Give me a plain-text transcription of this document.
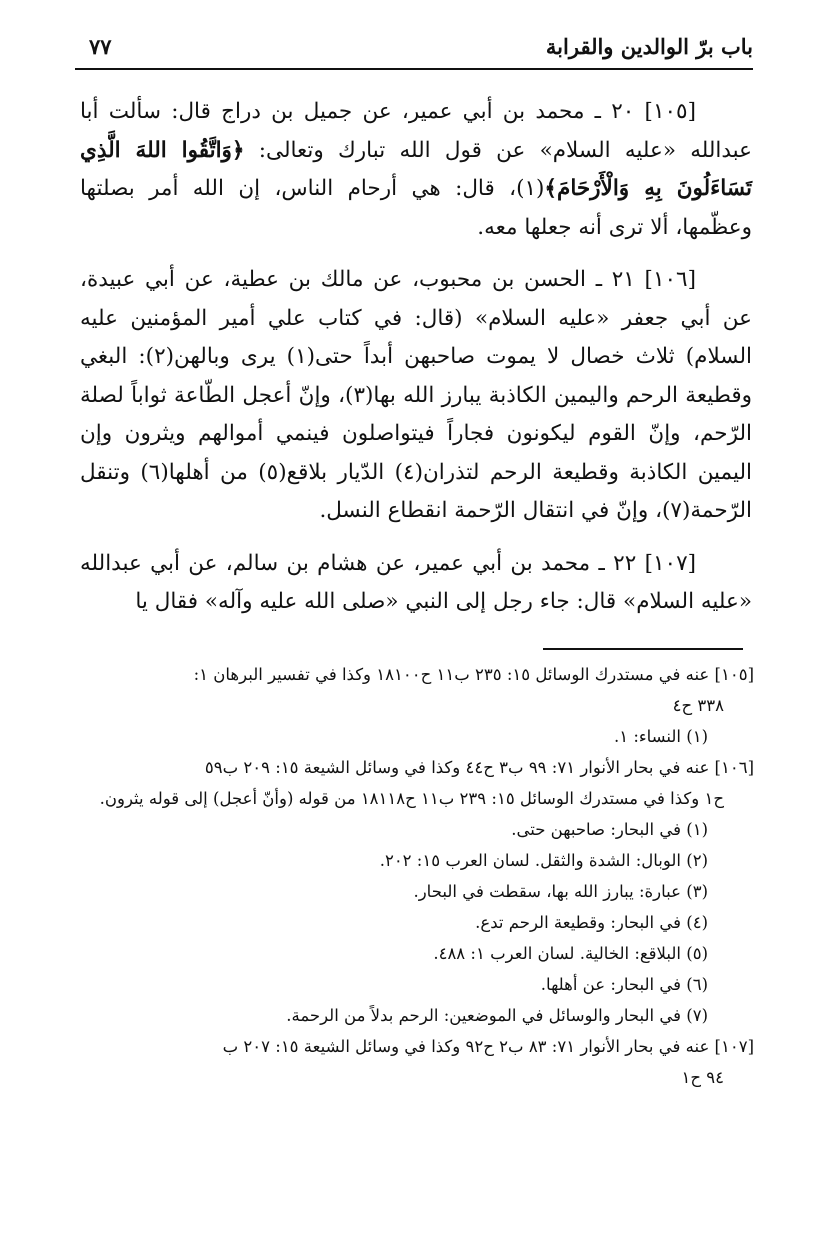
باب برّ الوالدين والقرابة
٧٧

[١٠٥] ٢٠ ـ محمد بن أبي عمير، عن جميل بن دراج قال: سألت أبا عبدالله «عليه السلام» عن قول الله تبارك وتعالى: ﴿وَاتَّقُوا اللهَ الَّذِي تَسَاءَلُونَ بِهِ وَالْأَرْحَامَ﴾(١)، قال: هي أرحام الناس، إن الله أمر بصلتها وعظّمها، ألا ترى أنه جعلها معه.

[١٠٦] ٢١ ـ الحسن بن محبوب، عن مالك بن عطية، عن أبي عبيدة، عن أبي جعفر «عليه السلام» (قال: في كتاب علي أمير المؤمنين عليه السلام) ثلاث خصال لا يموت صاحبهن أبداً حتى(١) يرى وبالهن(٢): البغي وقطيعة الرحم واليمين الكاذبة يبارز الله بها(٣)، وإنّ أعجل الطّاعة ثواباً لصلة الرّحم، وإنّ القوم ليكونون فجاراً فيتواصلون فينمي أموالهم ويثرون وإن اليمين الكاذبة وقطيعة الرحم لتذران(٤) الدّيار بلاقع(٥) من أهلها(٦) وتنقل الرّحمة(٧)، وإنّ في انتقال الرّحمة انقطاع النسل.

[١٠٧] ٢٢ ـ محمد بن أبي عمير، عن هشام بن سالم، عن أبي عبدالله «عليه السلام» قال: جاء رجل إلى النبي «صلى الله عليه وآله» فقال يا

[١٠٥] عنه في مستدرك الوسائل ١٥: ٢٣٥ ب١١ ح١٨١٠٠ وكذا في تفسير البرهان ١:

٣٣٨ ح٤

(١) النساء: ١.

[١٠٦] عنه في بحار الأنوار ٧١: ٩٩ ب٣ ح٤٤ وكذا في وسائل الشيعة ١٥: ٢٠٩ ب٥٩

ح١ وكذا في مستدرك الوسائل ١٥: ٢٣٩ ب١١ ح١٨١١٨ من قوله (وأنّ أعجل) إلى قوله يثرون.

(١) في البحار: صاحبهن حتى.

(٢) الوبال: الشدة والثقل. لسان العرب ١٥: ٢٠٢.

(٣) عبارة: يبارز الله بها، سقطت في البحار.

(٤) في البحار: وقطيعة الرحم تدع.

(٥) البلاقع: الخالية. لسان العرب ١: ٤٨٨.

(٦) في البحار: عن أهلها.

(٧) في البحار والوسائل في الموضعين: الرحم بدلاً من الرحمة.

[١٠٧] عنه في بحار الأنوار ٧١: ٨٣ ب٢ ح٩٢ وكذا في وسائل الشيعة ١٥: ٢٠٧ ب

٩٤ ح١
